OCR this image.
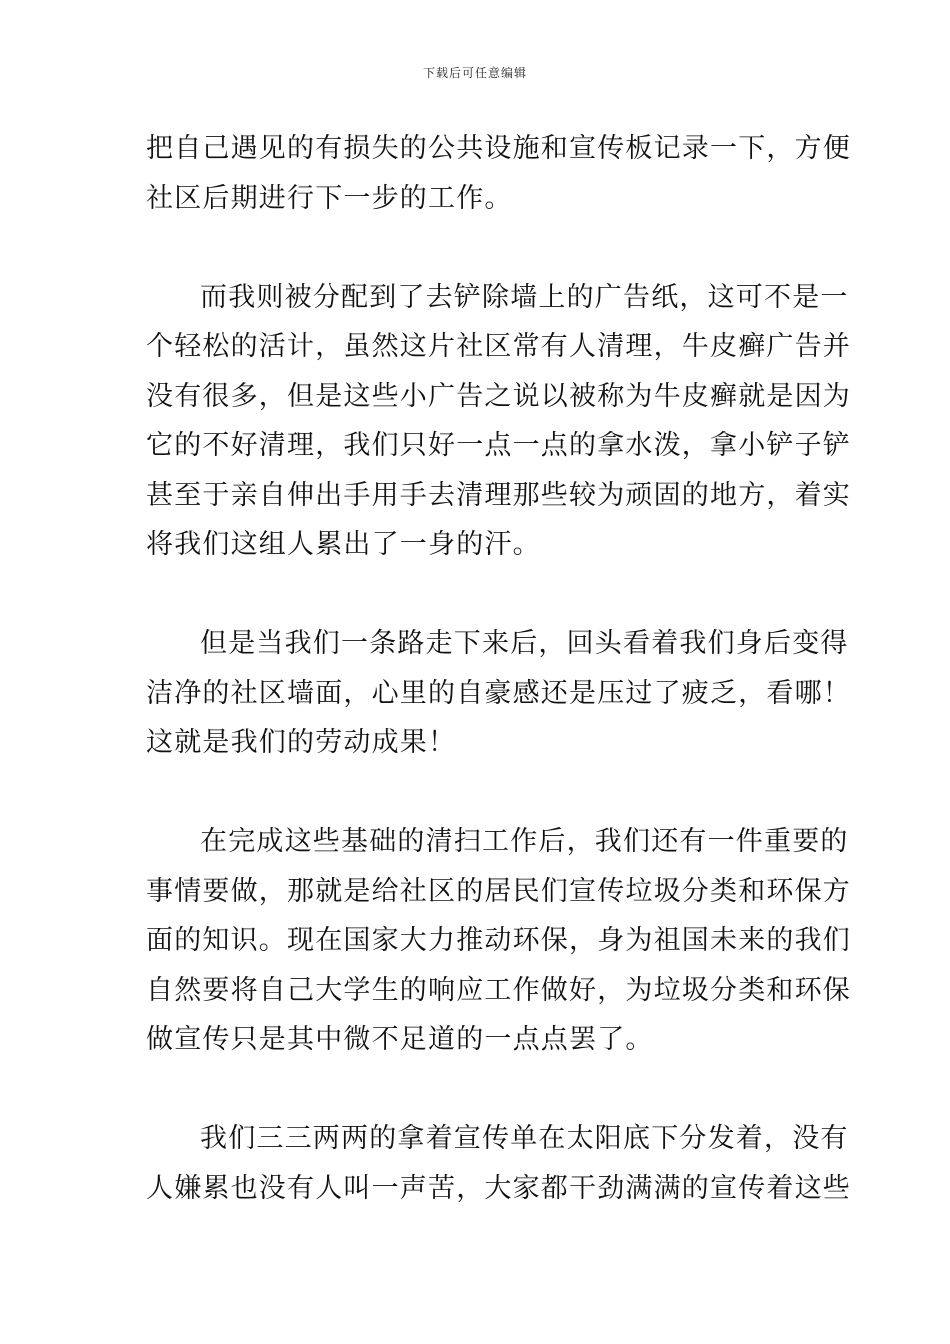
下载后可任意编辑

把自己遇见的有损失的公共设施和宣传板记录一下，方便
社区后期进行下一步的工作。

而我则被分配到了去铲除墙上的广告纸，这可不是一
个轻松的活计，虽然这片社区常有人清理，牛皮癣广告并
没有很多，但是这些小广告之说以被称为牛皮癣就是因为
它的不好清理，我们只好一点一点的拿水泼，拿小铲子铲
甚至于亲自伸出手用手去清理那些较为顽固的地方，着实
将我们这组人累出了一身的汗。

但是当我们一条路走下来后，回头看着我们身后变得
洁净的社区墙面，心里的自豪感还是压过了疲乏，看哪！
这就是我们的劳动成果！

在完成这些基础的清扫工作后，我们还有一件重要的
事情要做，那就是给社区的居民们宣传垃圾分类和环保方
面的知识。现在国家大力推动环保，身为祖国未来的我们
自然要将自己大学生的响应工作做好，为垃圾分类和环保
做宣传只是其中微不足道的一点点罢了。

我们三三两两的拿着宣传单在太阳底下分发着，没有
人嫌累也没有人叫一声苦，大家都干劲满满的宣传着这些
